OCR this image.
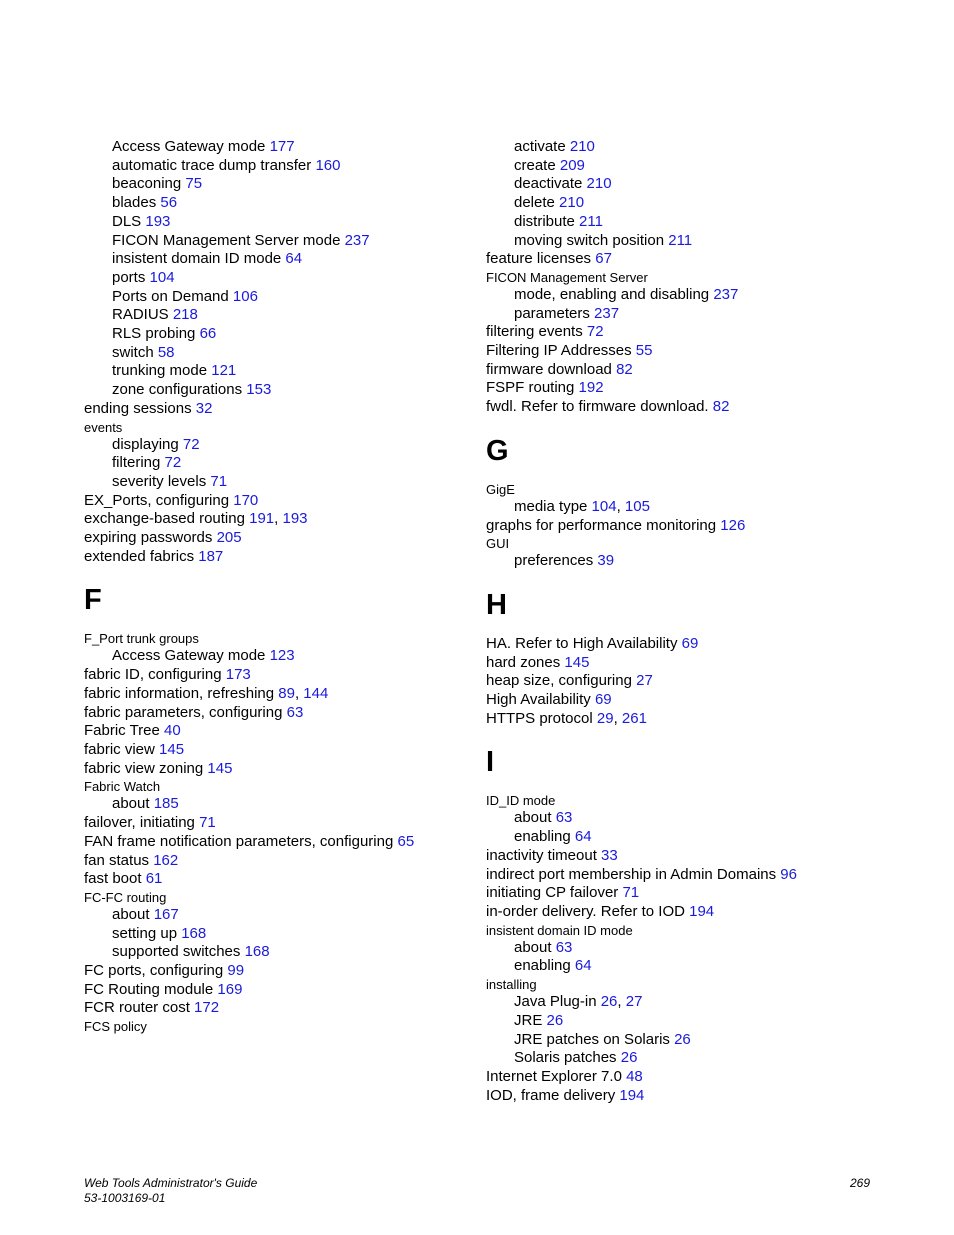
Access Gateway mode 177
automatic trace dump transfer 160
beaconing 75
blades 56
DLS 193
FICON Management Server mode 237
insistent domain ID mode 64
ports 104
Ports on Demand 106
RADIUS 218
RLS probing 66
switch 58
trunking mode 121
zone configurations 153
ending sessions 32
events
displaying 72
filtering 72
severity levels 71
EX_Ports, configuring 170
exchange-based routing 191, 193
expiring passwords 205
extended fabrics 187
F
F_Port trunk groups
Access Gateway mode 123
fabric ID, configuring 173
fabric information, refreshing 89, 144
fabric parameters, configuring 63
Fabric Tree 40
fabric view 145
fabric view zoning 145
Fabric Watch
about 185
failover, initiating 71
FAN frame notification parameters, configuring 65
fan status 162
fast boot 61
FC-FC routing
about 167
setting up 168
supported switches 168
FC ports, configuring 99
FC Routing module 169
FCR router cost 172
FCS policy
activate 210
create 209
deactivate 210
delete 210
distribute 211
moving switch position 211
feature licenses 67
FICON Management Server
mode, enabling and disabling 237
parameters 237
filtering events 72
Filtering IP Addresses 55
firmware download 82
FSPF routing 192
fwdl. Refer to firmware download. 82
G
GigE
media type 104, 105
graphs for performance monitoring 126
GUI
preferences 39
H
HA. Refer to High Availability 69
hard zones 145
heap size, configuring 27
High Availability 69
HTTPS protocol 29, 261
I
ID_ID mode
about 63
enabling 64
inactivity timeout 33
indirect port membership in Admin Domains 96
initiating CP failover 71
in-order delivery. Refer to IOD 194
insistent domain ID mode
about 63
enabling 64
installing
Java Plug-in 26, 27
JRE 26
JRE patches on Solaris 26
Solaris patches 26
Internet Explorer 7.0 48
IOD, frame delivery 194
Web Tools Administrator's Guide
53-1003169-01
269
